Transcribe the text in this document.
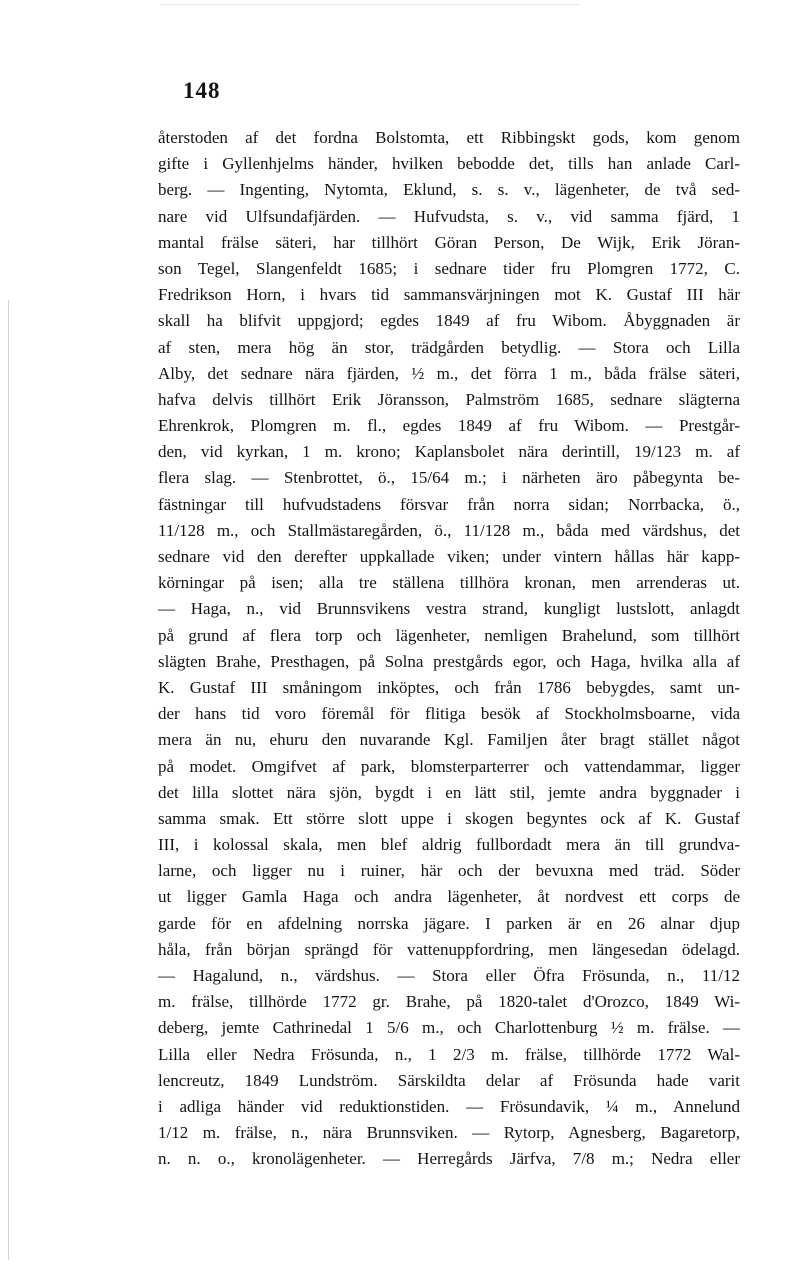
148
återstoden af det fordna Bolstomta, ett Ribbingskt gods, kom genom
gifte i Gyllenhjelms händer, hvilken bebodde det, tills han anlade Carl-
berg. — Ingenting, Nytomta, Eklund, s. s. v., lägenheter, de två sed-
nare vid Ulfsundafjärden. — Hufvudsta, s. v., vid samma fjärd, 1
mantal frälse säteri, har tillhört Göran Person, De Wijk, Erik Jöran-
son Tegel, Slangenfeldt 1685; i sednare tider fru Plomgren 1772, C.
Fredrikson Horn, i hvars tid sammansvärjningen mot K. Gustaf III här
skall ha blifvit uppgjord; egdes 1849 af fru Wibom. Åbyggnaden är
af sten, mera hög än stor, trädgården betydlig. — Stora och Lilla
Alby, det sednare nära fjärden, ½ m., det förra 1 m., båda frälse säteri,
hafva delvis tillhört Erik Jöransson, Palmström 1685, sednare slägterna
Ehrenkrok, Plomgren m. fl., egdes 1849 af fru Wibom. — Prestgår-
den, vid kyrkan, 1 m. krono; Kaplansbolet nära derintill, 19/123 m. af
flera slag. — Stenbrottet, ö., 15/64 m.; i närheten äro påbegynta be-
fästningar till hufvudstadens försvar från norra sidan; Norrbacka, ö.,
11/128 m., och Stallmästaregården, ö., 11/128 m., båda med värdshus, det
sednare vid den derefter uppkallade viken; under vintern hållas här kapp-
körningar på isen; alla tre ställena tillhöra kronan, men arrenderas ut.
— Haga, n., vid Brunnsvikens vestra strand, kungligt lustslott, anlagdt
på grund af flera torp och lägenheter, nemligen Brahelund, som tillhört
slägten Brahe, Presthagen, på Solna prestgårds egor, och Haga, hvilka alla af
K. Gustaf III småningom inköptes, och från 1786 bebygdes, samt un-
der hans tid voro föremål för flitiga besök af Stockholmsboarne, vida
mera än nu, ehuru den nuvarande Kgl. Familjen åter bragt stället något
på modet. Omgifvet af park, blomsterparterrer och vattendammar, ligger
det lilla slottet nära sjön, bygdt i en lätt stil, jemte andra byggnader i
samma smak. Ett större slott uppe i skogen begyntes ock af K. Gustaf
III, i kolossal skala, men blef aldrig fullbordadt mera än till grundva-
larne, och ligger nu i ruiner, här och der bevuxna med träd. Söder
ut ligger Gamla Haga och andra lägenheter, åt nordvest ett corps de
garde för en afdelning norrska jägare. I parken är en 26 alnar djup
håla, från början sprängd för vattenuppfordring, men längesedan ödelagd.
— Hagalund, n., värdshus. — Stora eller Öfra Frösunda, n., 11/12
m. frälse, tillhörde 1772 gr. Brahe, på 1820-talet d'Orozco, 1849 Wi-
deberg, jemte Cathrinedal 1 5/6 m., och Charlottenburg ½ m. frälse. —
Lilla eller Nedra Frösunda, n., 1 2/3 m. frälse, tillhörde 1772 Wal-
lencreutz, 1849 Lundström. Särskildta delar af Frösunda hade varit
i adliga händer vid reduktionstiden. — Frösundavik, ¼ m., Annelund
1/12 m. frälse, n., nära Brunnsviken. — Rytorp, Agnesberg, Bagaretorp,
n. n. o., kronolägenheter. — Herregårds Järfva, 7/8 m.; Nedra eller
